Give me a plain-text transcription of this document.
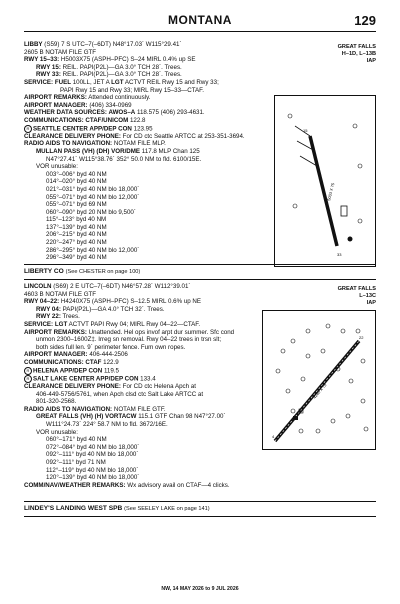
MONTANA	129
LIBBY (S59) 7 S UTC–7(–6DT) N48°17.03´ W115°29.41´
2605 B NOTAM FILE GTF
RWY 15–33: H5003X75 (ASPH–PFC) S–24 MIRL 0.4% up SE
RWY 15: REIL. PAPI(P2L)—GA 3.0° TCH 28´. Trees.
RWY 33: REIL. PAPI(P2L)—GA 3.0° TCH 28´. Trees.
SERVICE: FUEL 100LL, JET A LGT ACTVT REIL Rwy 15 and Rwy 33;
PAPI Rwy 15 and Rwy 33; MIRL Rwy 15–33—CTAF.
AIRPORT REMARKS: Attended continuously.
AIRPORT MANAGER: (406) 334-0969
WEATHER DATA SOURCES: AWOS–A 118.575 (406) 293-4631.
COMMUNICATIONS: CTAF/UNICOM 122.8
R SEATTLE CENTER APP/DEP CON 123.95
CLEARANCE DELIVERY PHONE: For CD ctc Seattle ARTCC at 253-351-3694.
RADIO AIDS TO NAVIGATION: NOTAM FILE MLP.
MULLAN PASS (VH) (DH) VOR/DME 117.8 MLP Chan 125
N47°27.41´ W115°38.76´ 352° 50.0 NM to fld. 6100/15E.
VOR unusable:
003°–006° byd 40 NM
014°–020° byd 40 NM
021°–031° byd 40 NM blo 18,000´
055°–071° byd 40 NM blo 12,000´
055°–071° byd 69 NM
060°–090° byd 20 NM blo 9,500´
115°–123° byd 40 NM
137°–139° byd 40 NM
206°–215° byd 40 NM
220°–247° byd 40 NM
286°–295° byd 40 NM blo 12,000´
296°–349° byd 40 NM
GREAT FALLS
H–1D, L–13B
IAP
15
33
5003 X 75
LIBERTY CO (See CHESTER on page 100)
LINCOLN (S69) 2 E UTC–7(–6DT) N46°57.28´ W112°39.01´
4603 B NOTAM FILE GTF
RWY 04–22: H4240X75 (ASPH–PFC) S–12.5 MIRL 0.6% up NE
RWY 04: PAPI(P2L)—GA 4.0° TCH 32´. Trees.
RWY 22: Trees.
SERVICE: LGT ACTVT PAPI Rwy 04; MIRL Rwy 04–22—CTAF.
AIRPORT REMARKS: Unattended. Hel ops invof arpt dur summer. Sfc cond
unmon 2300–1600Z‡. Irreg sn removal. Rwy 04–22 trees in trsn slt;
both sides full len. 9´ perimeter fence. Fum own ropes.
AIRPORT MANAGER: 406-444-2506
COMMUNICATIONS: CTAF 122.9
R HELENA APP/DEP CON 119.5
R SALT LAKE CENTER APP/DEP CON 133.4
CLEARANCE DELIVERY PHONE: For CD ctc Helena Apch at
406-449-5756/5761, when Apch clsd ctc Salt Lake ARTCC at
801-320-2568.
RADIO AIDS TO NAVIGATION: NOTAM FILE GTF.
GREAT FALLS (VH) (H) VORTACW 115.1 GTF Chan 98 N47°27.00´
W111°24.73´ 224° 58.7 NM to fld. 3672/16E.
VOR unusable:
060°–171° byd 40 NM
072°–084° byd 40 NM blo 18,000´
092°–111° byd 40 NM blo 18,000´
092°–111° byd 71 NM
112°–119° byd 40 NM blo 18,000´
120°–139° byd 40 NM blo 18,000´
COMM/NAV/WEATHER REMARKS: Wx advisory avail on CTAF—4 clicks.
GREAT FALLS
L–13C
IAP
4
22
4240 X 75
LINDEY'S LANDING WEST SPB (See SEELEY LAKE on page 141)
NW, 14 MAY 2026 to 9 JUL 2026
